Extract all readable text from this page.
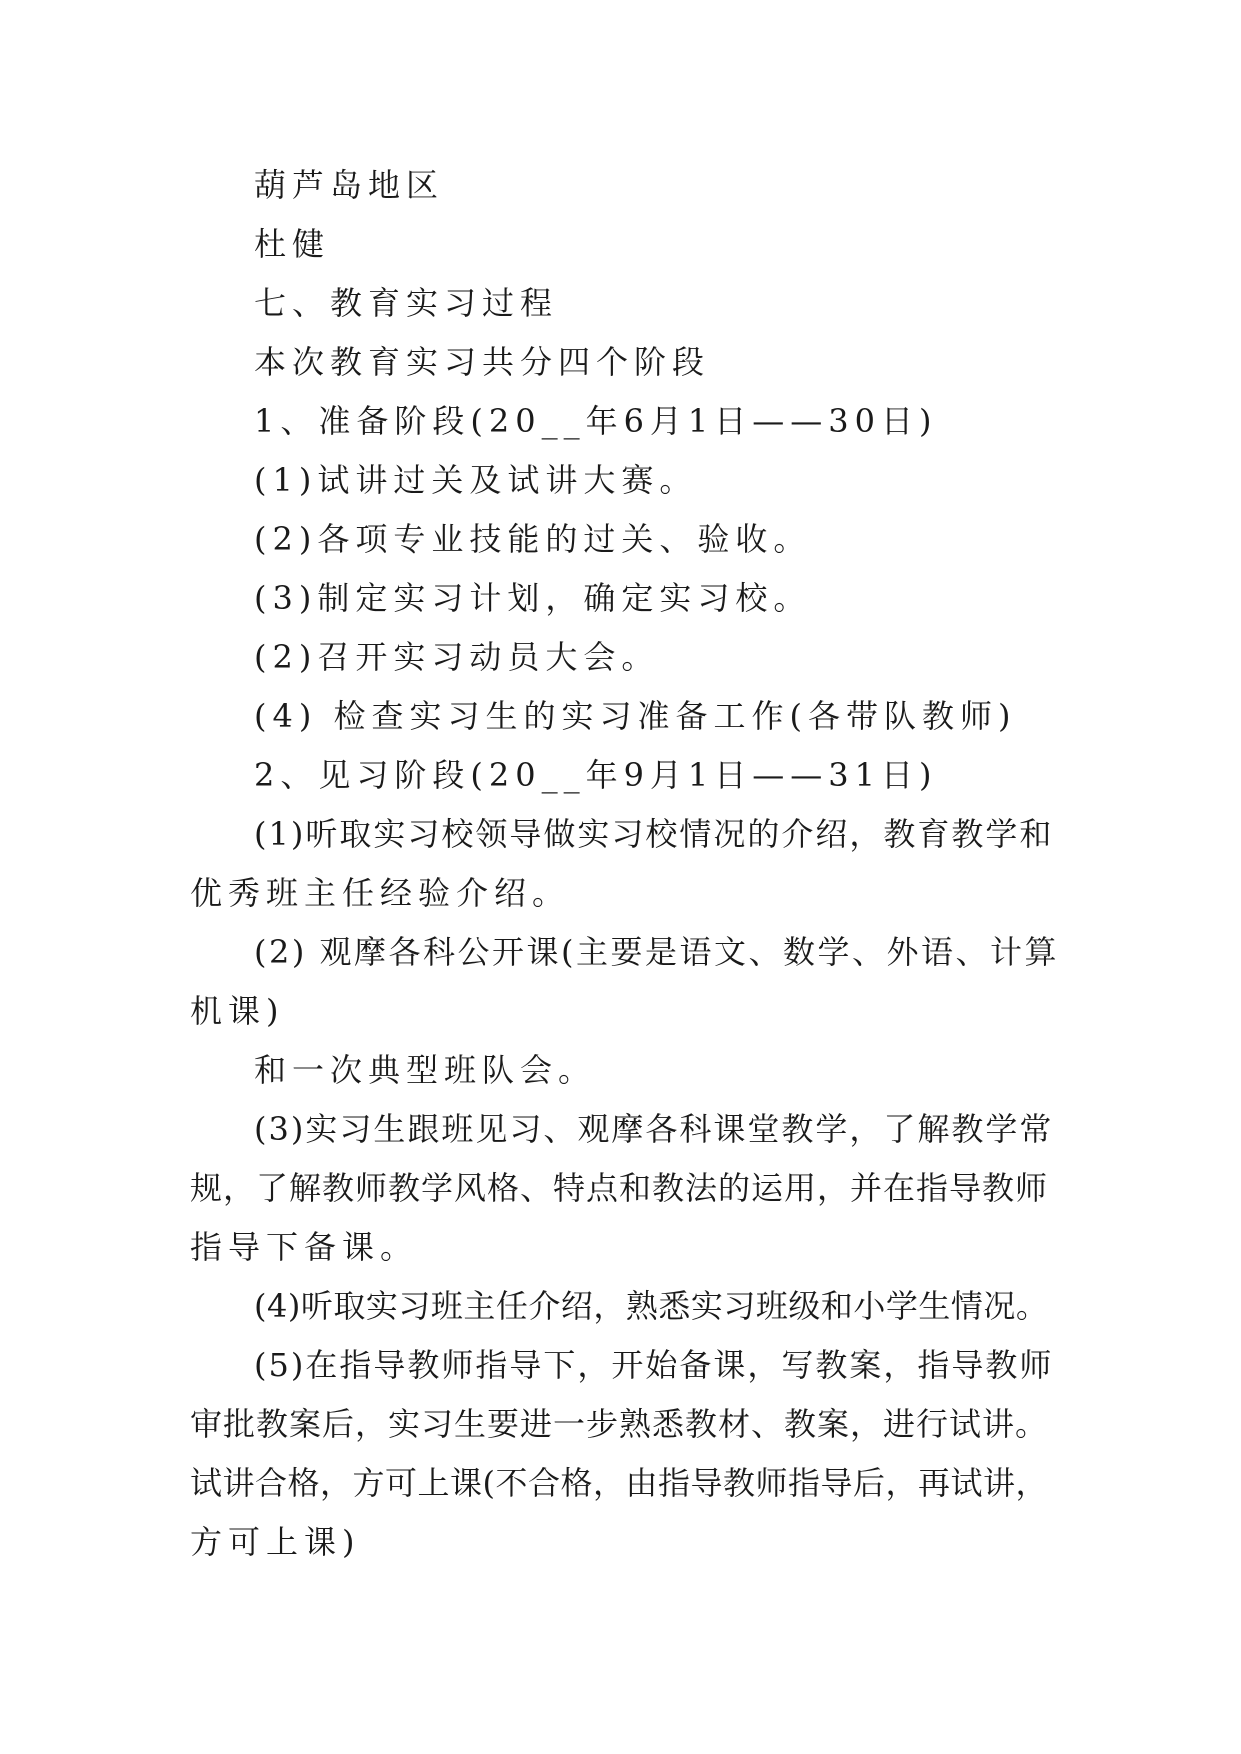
葫芦岛地区
杜健
七、教育实习过程
本次教育实习共分四个阶段
1、准备阶段(20__年6月1日——30日)
(1)试讲过关及试讲大赛。
(2)各项专业技能的过关、验收。
(3)制定实习计划，确定实习校。
(2)召开实习动员大会。
(4) 检查实习生的实习准备工作(各带队教师)
2、见习阶段(20__年9月1日——31日)
(1)听取实习校领导做实习校情况的介绍，教育教学和
优秀班主任经验介绍。
(2) 观摩各科公开课(主要是语文、数学、外语、计算
机课)
和一次典型班队会。
(3)实习生跟班见习、观摩各科课堂教学，了解教学常
规，了解教师教学风格、特点和教法的运用，并在指导教师
指导下备课。
(4)听取实习班主任介绍，熟悉实习班级和小学生情况。
(5)在指导教师指导下，开始备课，写教案，指导教师
审批教案后，实习生要进一步熟悉教材、教案，进行试讲。
试讲合格，方可上课(不合格，由指导教师指导后，再试讲，
方可上课)
